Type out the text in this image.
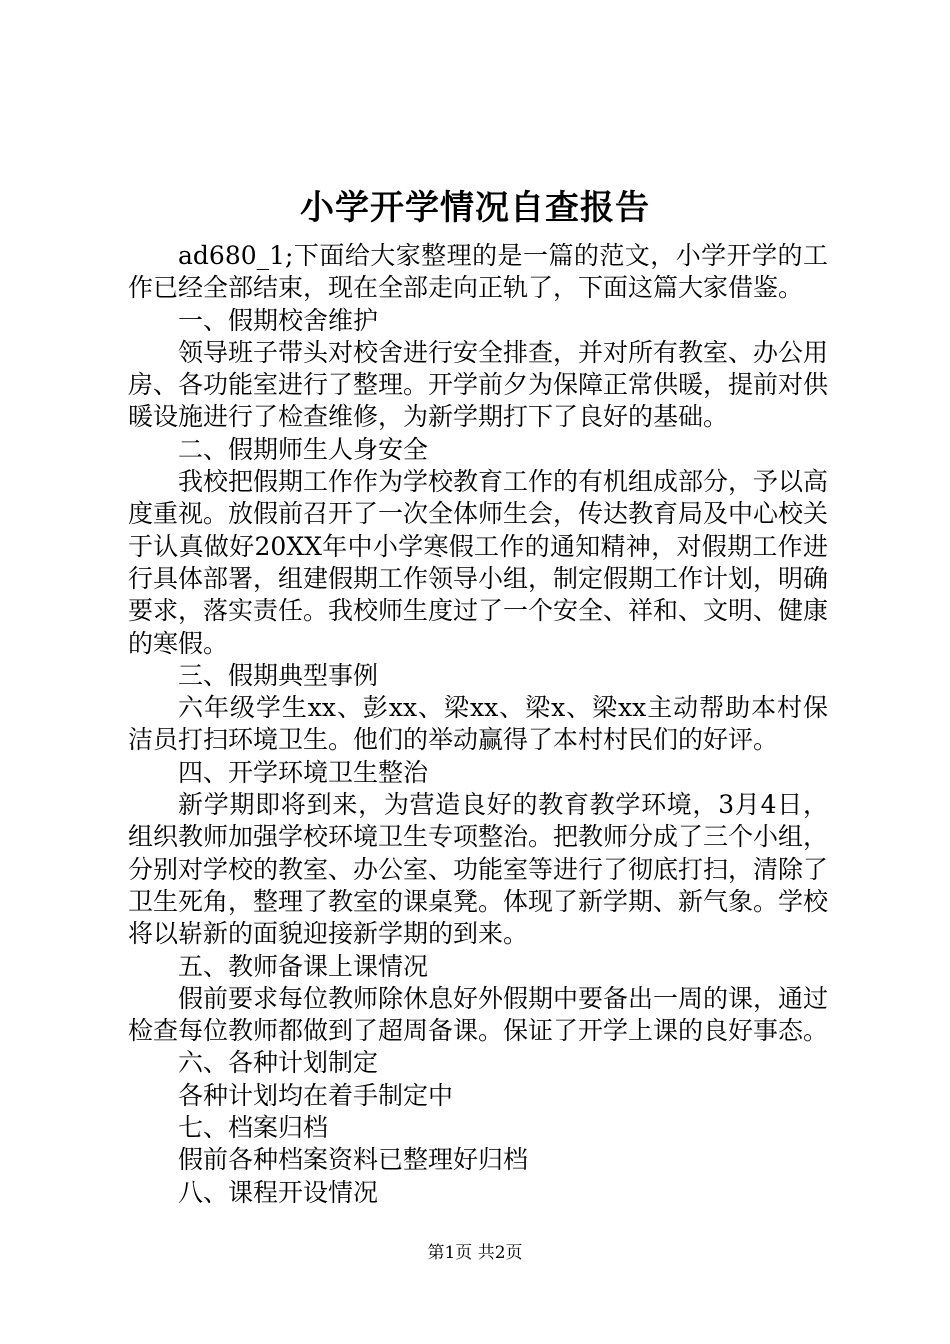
小学开学情况自查报告

ad680_1;下面给大家整理的是一篇的范文，小学开学的工作已经全部结束，现在全部走向正轨了，下面这篇大家借鉴。

一、假期校舍维护

领导班子带头对校舍进行安全排查，并对所有教室、办公用房、各功能室进行了整理。开学前夕为保障正常供暖，提前对供暖设施进行了检查维修，为新学期打下了良好的基础。

二、假期师生人身安全

我校把假期工作作为学校教育工作的有机组成部分，予以高度重视。放假前召开了一次全体师生会，传达教育局及中心校关于认真做好20XX年中小学寒假工作的通知精神，对假期工作进行具体部署，组建假期工作领导小组，制定假期工作计划，明确要求，落实责任。我校师生度过了一个安全、祥和、文明、健康的寒假。

三、假期典型事例

六年级学生xx、彭xx、梁xx、梁x、梁xx主动帮助本村保洁员打扫环境卫生。他们的举动赢得了本村村民们的好评。

四、开学环境卫生整治

新学期即将到来，为营造良好的教育教学环境，3月4日，组织教师加强学校环境卫生专项整治。把教师分成了三个小组，分别对学校的教室、办公室、功能室等进行了彻底打扫，清除了卫生死角，整理了教室的课桌凳。体现了新学期、新气象。学校将以崭新的面貌迎接新学期的到来。

五、教师备课上课情况

假前要求每位教师除休息好外假期中要备出一周的课，通过检查每位教师都做到了超周备课。保证了开学上课的良好事态。

六、各种计划制定

各种计划均在着手制定中

七、档案归档

假前各种档案资料已整理好归档

八、课程开设情况

第1页 共2页
